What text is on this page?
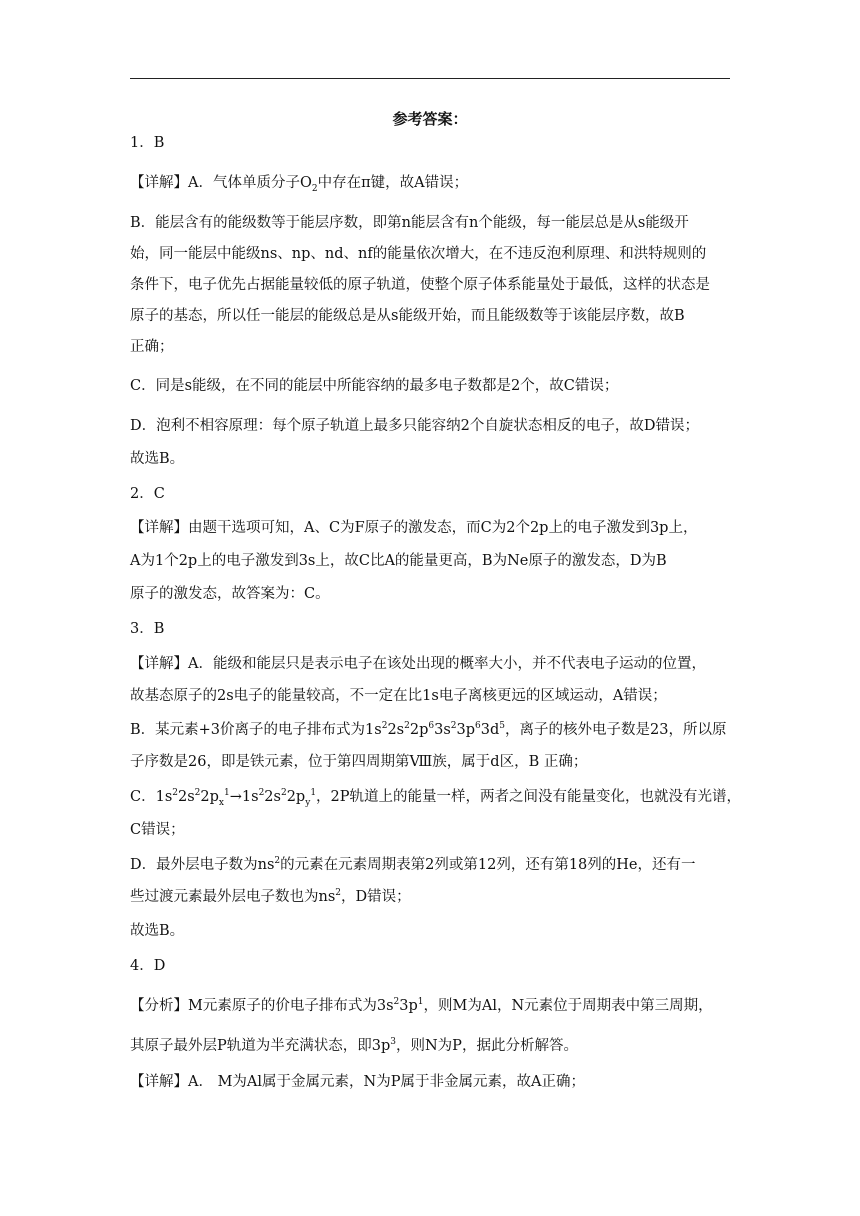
参考答案：
1．B
【详解】A．气体单质分子$O_2$中存在π键，故A错误；
B．能层含有的能级数等于能层序数，即第n能层含有n个能级，每一能层总是从s能级开
始，同一能层中能级ns、np、nd、nf的能量依次增大，在不违反泡利原理、和洪特规则的
条件下，电子优先占据能量较低的原子轨道，使整个原子体系能量处于最低，这样的状态是
原子的基态，所以任一能层的能级总是从s能级开始，而且能级数等于该能层序数，故B
正确；
C．同是s能级，在不同的能层中所能容纳的最多电子数都是2个，故C错误；
D．泡利不相容原理：每个原子轨道上最多只能容纳2个自旋状态相反的电子，故D错误；
故选B。
2．C
【详解】由题干选项可知，A、C为F原子的激发态，而C为2个2p上的电子激发到3p上，
A为1个2p上的电子激发到3s上，故C比A的能量更高，B为Ne原子的激发态，D为B
原子的激发态，故答案为：C。
3．B
【详解】A．能级和能层只是表示电子在该处出现的概率大小，并不代表电子运动的位置，
故基态原子的2s电子的能量较高，不一定在比1s电子离核更远的区域运动，A错误；
B．某元素+3价离子的电子排布式为$1s^22s^22p^63s^23p^63d^5$，离子的核外电子数是23，所以原
子序数是26，即是铁元素，位于第四周期第Ⅷ族，属于d区，B 正确；
C．$1s^22s^22p_x^1\to 1s^22s^22p_y^1$，2P轨道上的能量一样，两者之间没有能量变化，也就没有光谱，
C错误；
D．最外层电子数为$ns^2$的元素在元素周期表第2列或第12列，还有第18列的He，还有一
些过渡元素最外层电子数也为$ns^2$，D错误；
故选B。
4．D
【分析】M元素原子的价电子排布式为$3s^23p^1$，则M为Al，N元素位于周期表中第三周期，
其原子最外层P轨道为半充满状态，即$3p^3$，则N为P，据此分析解答。
【详解】A． M为Al属于金属元素，N为P属于非金属元素，故A正确；
